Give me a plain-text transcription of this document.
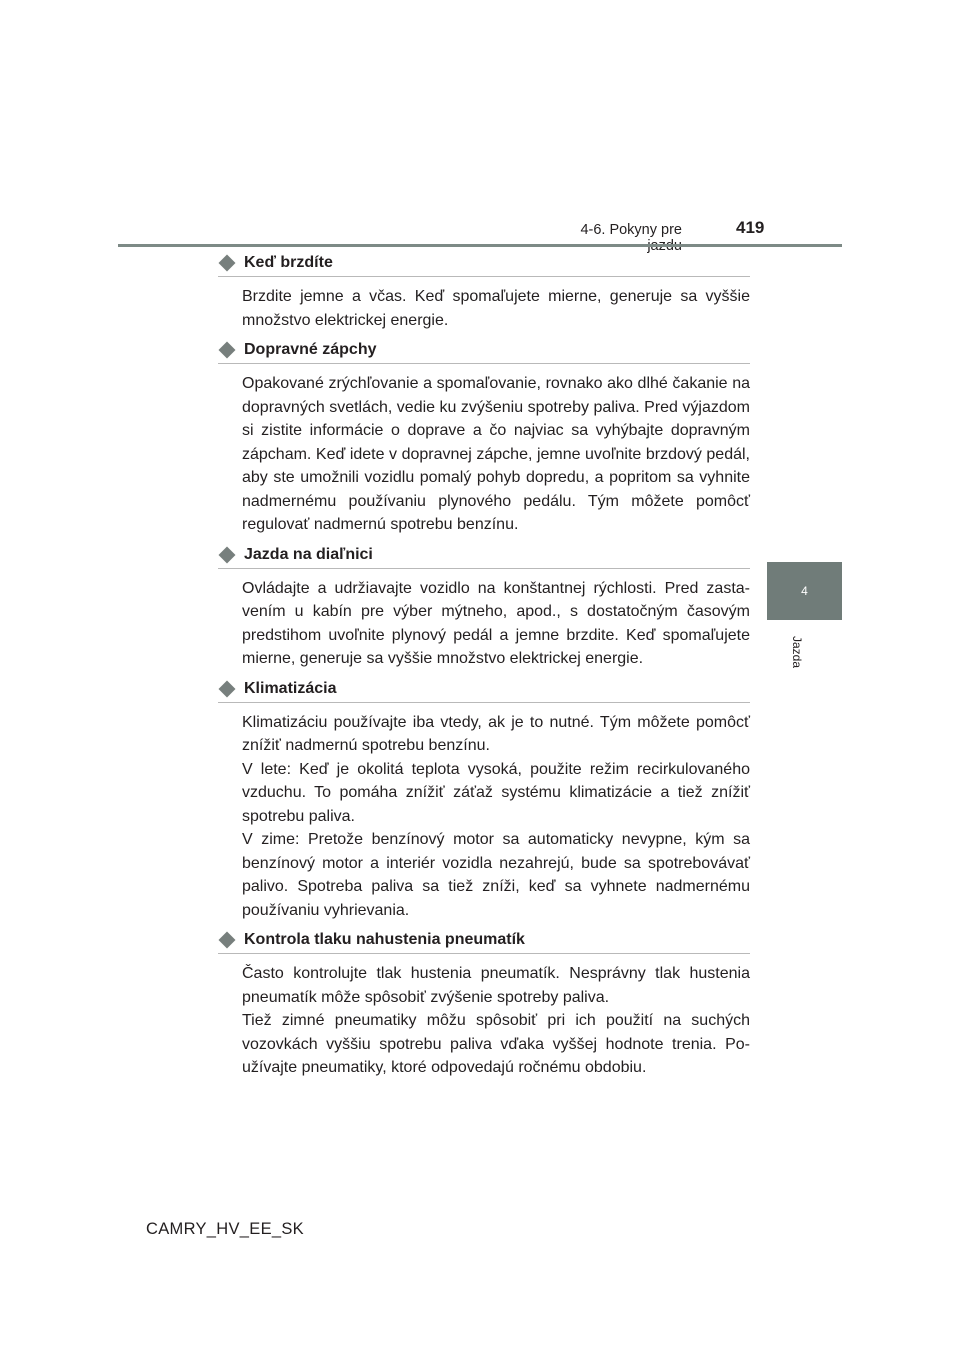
4-6. Pokyny pre	419
4
Jazda
Keď brzdíte

Brzdite jemne a včas. Keď spomaľujete mierne, generuje sa vyššie množstvo elektrickej energie.

Dopravné zápchy

Opakované zrýchľovanie a spomaľovanie, rovnako ako dlhé čakanie na dopravných svetlách, vedie ku zvýšeniu spotreby paliva. Pred výjazdom si zistite informácie o doprave a čo najviac sa vyhýbajte dopravným zápcham. Keď idete v dopravnej zápche, jemne uvoľnite brzdový pedál, aby ste umožnili vozidlu pomalý pohyb dopredu, a popritom sa vyhnite nadmernému používaniu plynového pedálu. Tým môžete pomôcť regulovať nadmernú spotrebu benzínu.

Jazda na diaľnici

Ovládajte a udržiavajte vozidlo na konštantnej rýchlosti. Pred zastavením u kabín pre výber mýtneho, apod., s dostatočným časovým predstihom uvoľnite plynový pedál a jemne brzdite. Keď spomaľujete mierne, generuje sa vyššie množstvo elektrickej energie.

Klimatizácia

Klimatizáciu používajte iba vtedy, ak je to nutné. Tým môžete pomôcť znížiť nadmernú spotrebu benzínu.

V lete: Keď je okolitá teplota vysoká, použite režim recirkulovaného vzduchu. To pomáha znížiť záťaž systému klimatizácie a tiež znížiť spotrebu paliva.

V zime: Pretože benzínový motor sa automaticky nevypne, kým sa benzínový motor a interiér vozidla nezahrejú, bude sa spotrebovávať palivo. Spotreba paliva sa tiež zníži, keď sa vyhnete nadmernému používaniu vyhrievania.

Kontrola tlaku nahustenia pneumatík

Často kontrolujte tlak hustenia pneumatík. Nesprávny tlak hustenia pneumatík môže spôsobiť zvýšenie spotreby paliva.

Tiež zimné pneumatiky môžu spôsobiť pri ich použití na suchých vozovkách vyššiu spotrebu paliva vďaka vyššej hodnote trenia. Používajte pneumatiky, ktoré odpovedajú ročnému obdobiu.

CAMRY_HV_EE_SK
